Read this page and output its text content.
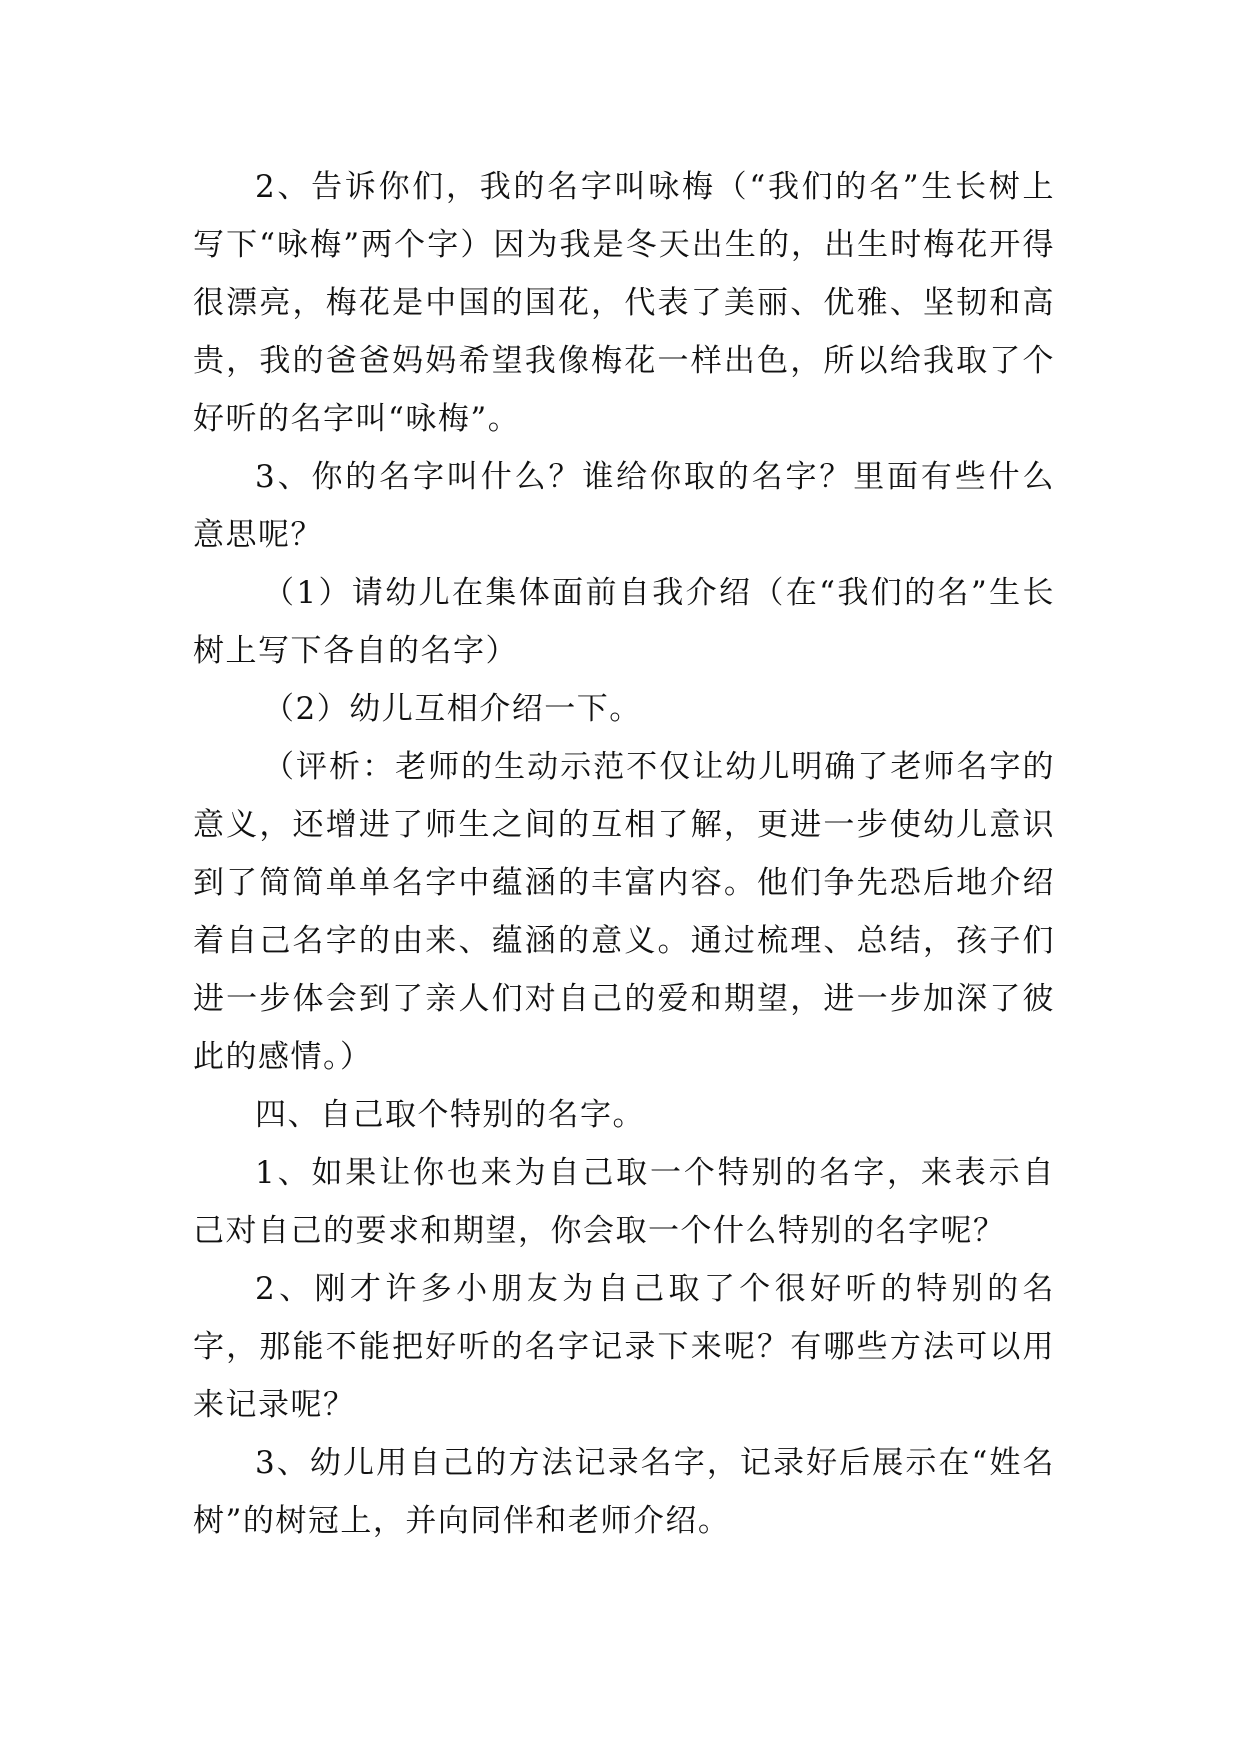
2、告诉你们，我的名字叫咏梅（“我们的名”生长树上写下“咏梅”两个字）因为我是冬天出生的，出生时梅花开得很漂亮，梅花是中国的国花，代表了美丽、优雅、坚韧和高贵，我的爸爸妈妈希望我像梅花一样出色，所以给我取了个好听的名字叫“咏梅”。

3、你的名字叫什么？谁给你取的名字？里面有些什么意思呢？

（1）请幼儿在集体面前自我介绍（在“我们的名”生长树上写下各自的名字）

（2）幼儿互相介绍一下。

（评析：老师的生动示范不仅让幼儿明确了老师名字的意义，还增进了师生之间的互相了解，更进一步使幼儿意识到了简简单单名字中蕴涵的丰富内容。他们争先恐后地介绍着自己名字的由来、蕴涵的意义。通过梳理、总结，孩子们进一步体会到了亲人们对自己的爱和期望，进一步加深了彼此的感情。）

四、自己取个特别的名字。

1、如果让你也来为自己取一个特别的名字，来表示自己对自己的要求和期望，你会取一个什么特别的名字呢？

2、刚才许多小朋友为自己取了个很好听的特别的名字，那能不能把好听的名字记录下来呢？有哪些方法可以用来记录呢？

3、幼儿用自己的方法记录名字，记录好后展示在“姓名树”的树冠上，并向同伴和老师介绍。
